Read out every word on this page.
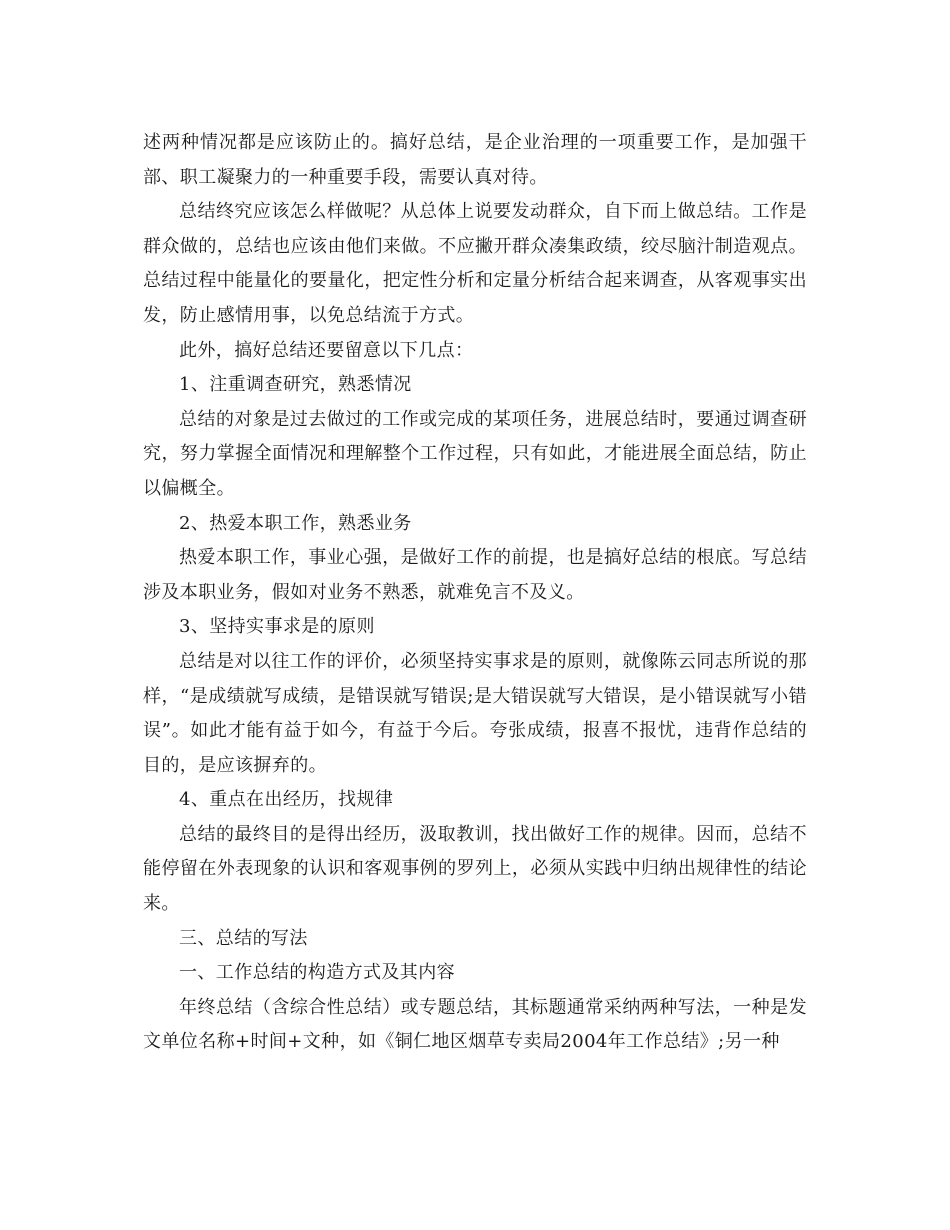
述两种情况都是应该防止的。搞好总结，是企业治理的一项重要工作，是加强干部、职工凝聚力的一种重要手段，需要认真对待。

总结终究应该怎么样做呢？从总体上说要发动群众，自下而上做总结。工作是群众做的，总结也应该由他们来做。不应撇开群众凑集政绩，绞尽脑汁制造观点。总结过程中能量化的要量化，把定性分析和定量分析结合起来调查，从客观事实出发，防止感情用事，以免总结流于方式。

此外，搞好总结还要留意以下几点：

1、注重调查研究，熟悉情况

总结的对象是过去做过的工作或完成的某项任务，进展总结时，要通过调查研究，努力掌握全面情况和理解整个工作过程，只有如此，才能进展全面总结，防止以偏概全。

2、热爱本职工作，熟悉业务

热爱本职工作，事业心强，是做好工作的前提，也是搞好总结的根底。写总结涉及本职业务，假如对业务不熟悉，就难免言不及义。

3、坚持实事求是的原则

总结是对以往工作的评价，必须坚持实事求是的原则，就像陈云同志所说的那样，“是成绩就写成绩，是错误就写错误;是大错误就写大错误，是小错误就写小错误”。如此才能有益于如今，有益于今后。夸张成绩，报喜不报忧，违背作总结的目的，是应该摒弃的。

4、重点在出经历，找规律

总结的最终目的是得出经历，汲取教训，找出做好工作的规律。因而，总结不能停留在外表现象的认识和客观事例的罗列上，必须从实践中归纳出规律性的结论来。

三、总结的写法

一、工作总结的构造方式及其内容

年终总结（含综合性总结）或专题总结，其标题通常采纳两种写法，一种是发文单位名称+时间+文种，如《铜仁地区烟草专卖局2004年工作总结》;另一种
